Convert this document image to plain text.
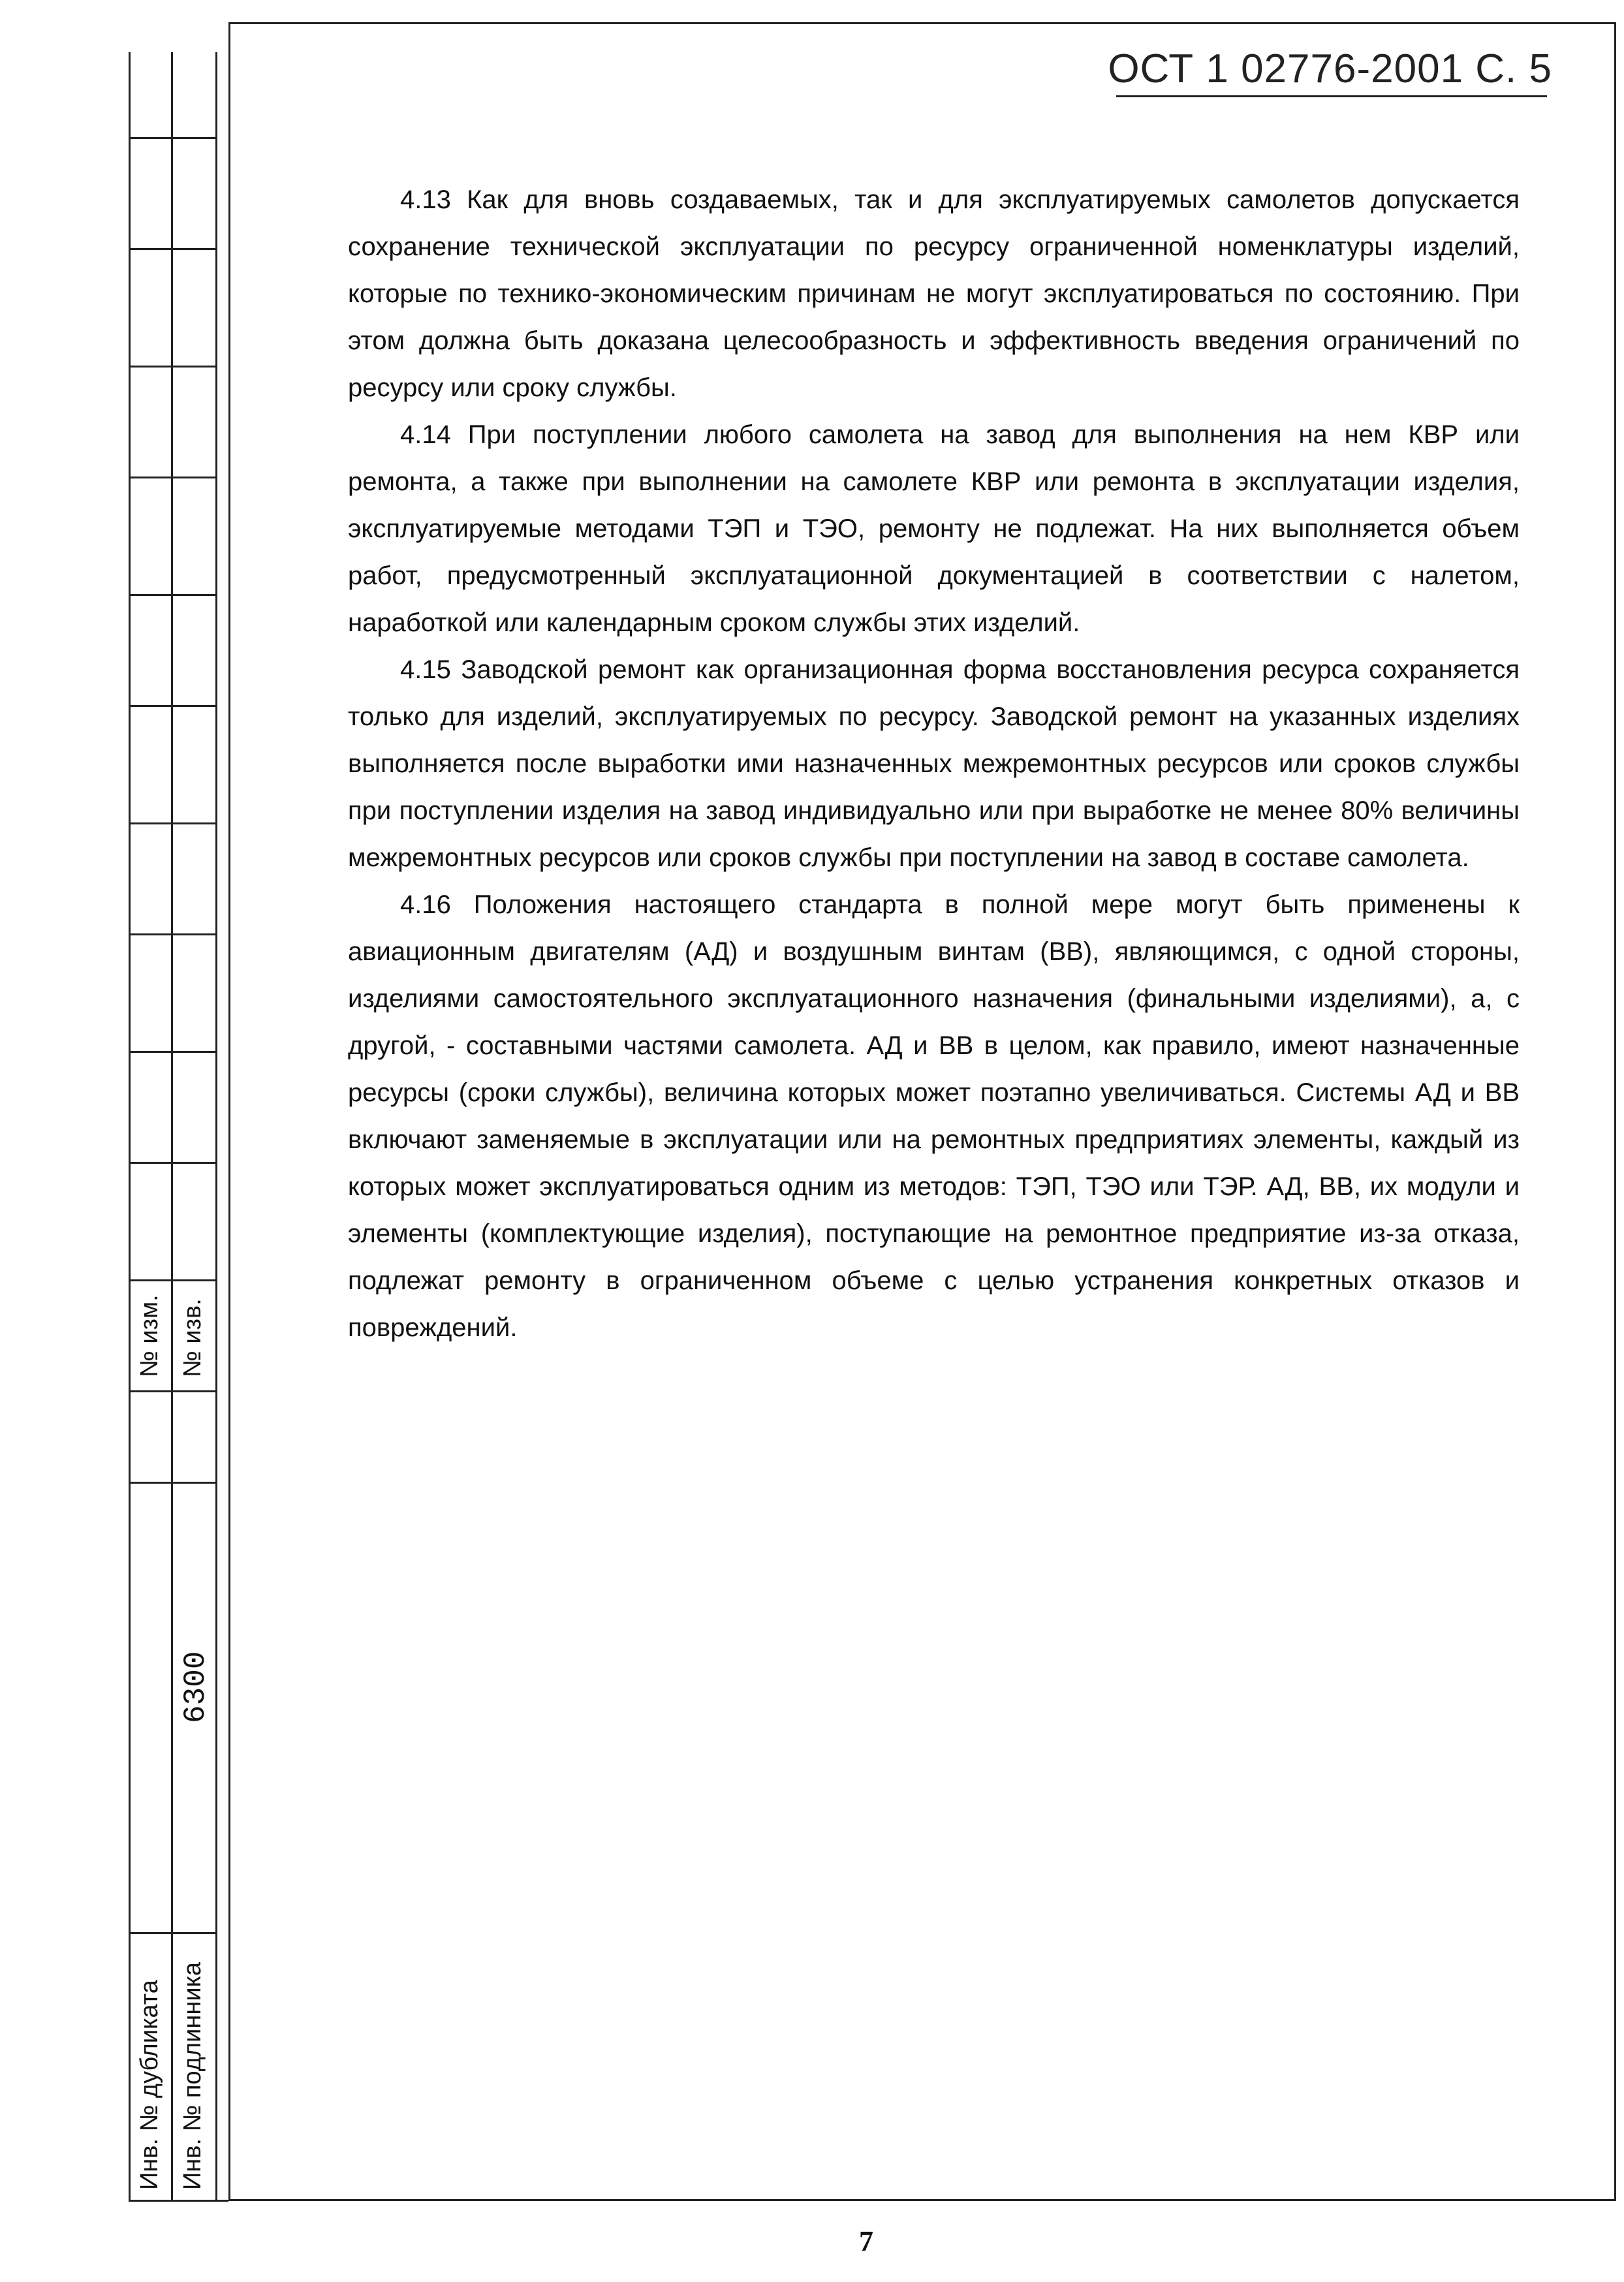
ОСТ 1 02776-2001 С. 5

4.13 Как для вновь создаваемых, так и для эксплуатируемых самолетов допускается сохранение технической эксплуатации по ресурсу ограниченной номенклатуры изделий, которые по технико-экономическим причинам не могут эксплуатироваться по состоянию. При этом должна быть доказана целесообразность и эффективность введения ограничений по ресурсу или сроку службы.

4.14 При поступлении любого самолета на завод для выполнения на нем КВР или ремонта, а также при выполнении на самолете КВР или ремонта в эксплуатации изделия, эксплуатируемые методами ТЭП и ТЭО, ремонту не подлежат. На них выполняется объем работ, предусмотренный эксплуатационной документацией в соответствии с налетом, наработкой или календарным сроком службы этих изделий.

4.15 Заводской ремонт как организационная форма восстановления ресурса сохраняется только для изделий, эксплуатируемых по ресурсу. Заводской ремонт на указанных изделиях выполняется после выработки ими назначенных межремонтных ресурсов или сроков службы при поступлении изделия на завод индивидуально или при выработке не менее 80% величины межремонтных ресурсов или сроков службы при поступлении на завод в составе самолета.

4.16 Положения настоящего стандарта в полной мере могут быть применены к авиационным двигателям (АД) и воздушным винтам (ВВ), являющимся, с одной стороны, изделиями самостоятельного эксплуатационного назначения (финальными изделиями), а, с другой, - составными частями самолета. АД и ВВ в целом, как правило, имеют назначенные ресурсы (сроки службы), величина которых может поэтапно увеличиваться. Системы АД и ВВ включают заменяемые в эксплуатации или на ремонтных предприятиях элементы, каждый из которых может эксплуатироваться одним из методов: ТЭП, ТЭО или ТЭР. АД, ВВ, их модули и элементы (комплектующие изделия), поступающие на ремонтное предприятие из-за отказа, подлежат ремонту в ограниченном объеме с целью устранения конкретных отказов и повреждений.

№ изм. № изв.
6300
Инв. № дубликата Инв. № подлинника
7
